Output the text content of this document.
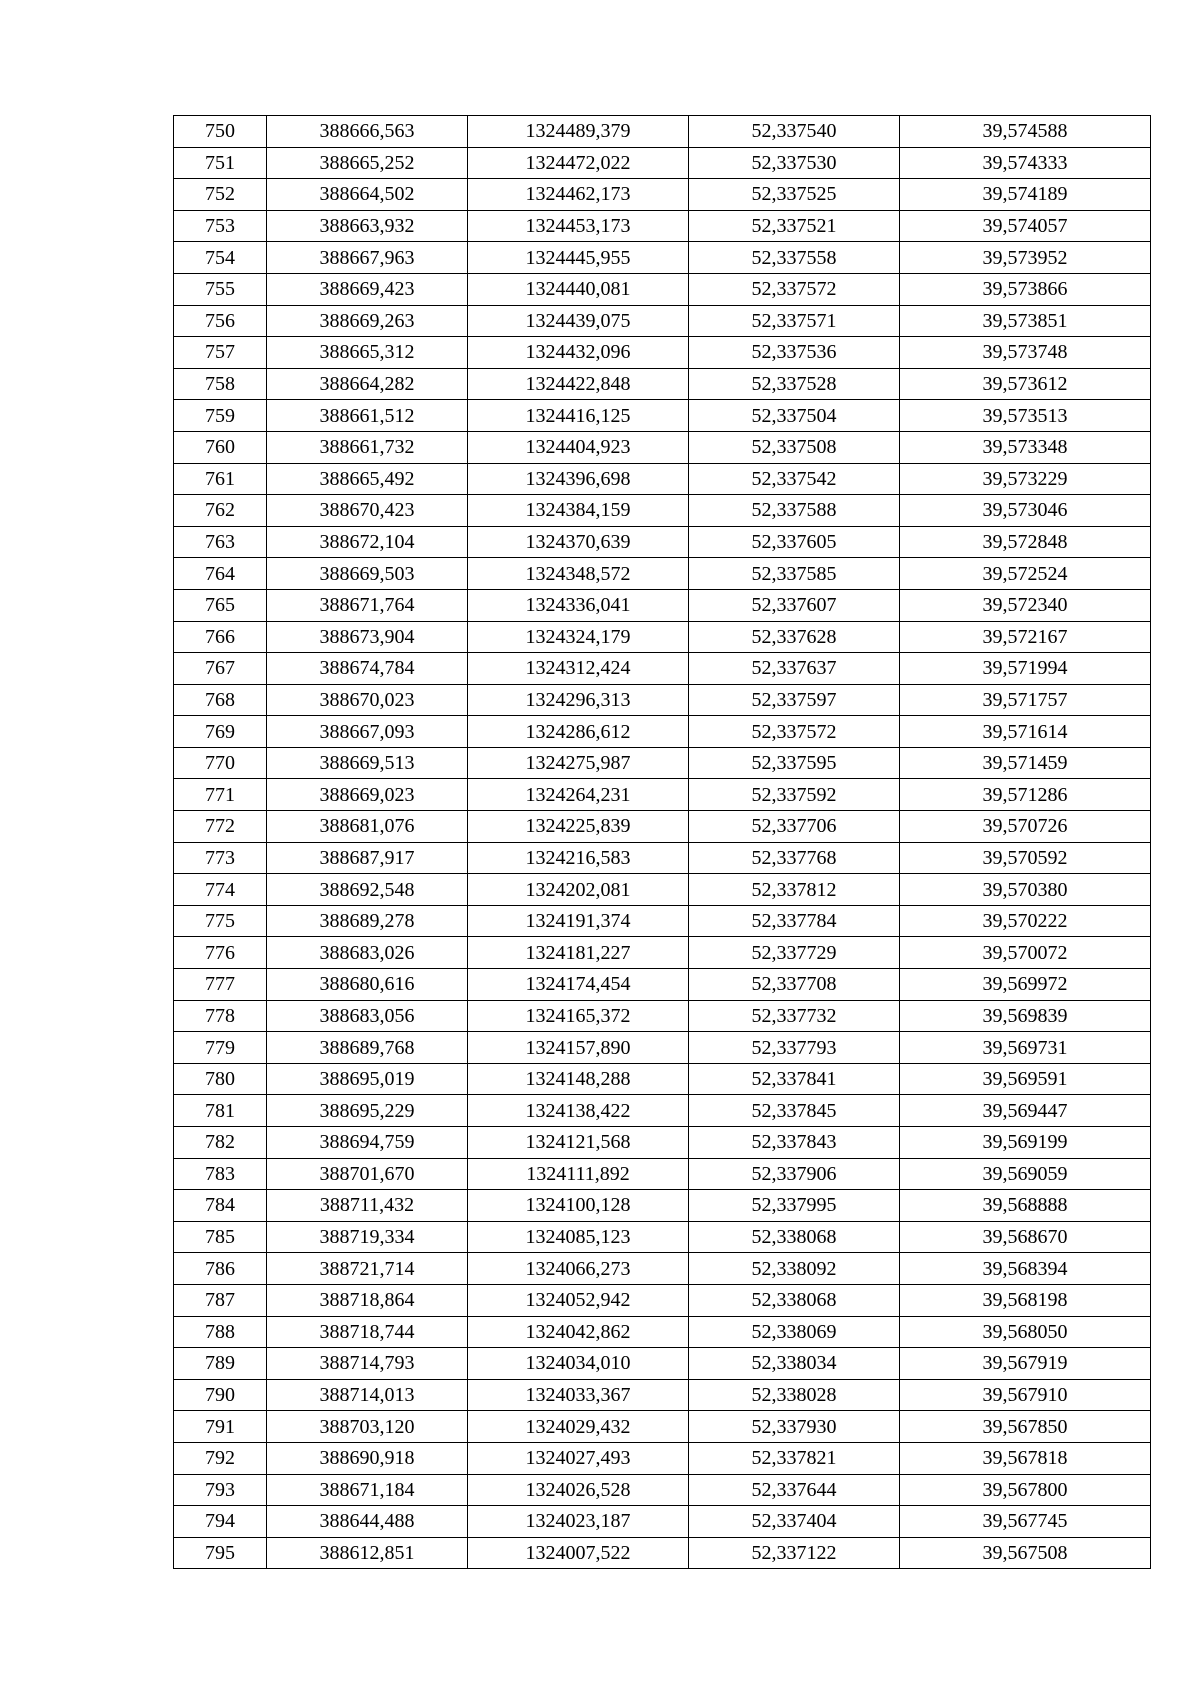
750	388666,563	1324489,379	52,337540	39,574588
751	388665,252	1324472,022	52,337530	39,574333
752	388664,502	1324462,173	52,337525	39,574189
753	388663,932	1324453,173	52,337521	39,574057
754	388667,963	1324445,955	52,337558	39,573952
755	388669,423	1324440,081	52,337572	39,573866
756	388669,263	1324439,075	52,337571	39,573851
757	388665,312	1324432,096	52,337536	39,573748
758	388664,282	1324422,848	52,337528	39,573612
759	388661,512	1324416,125	52,337504	39,573513
760	388661,732	1324404,923	52,337508	39,573348
761	388665,492	1324396,698	52,337542	39,573229
762	388670,423	1324384,159	52,337588	39,573046
763	388672,104	1324370,639	52,337605	39,572848
764	388669,503	1324348,572	52,337585	39,572524
765	388671,764	1324336,041	52,337607	39,572340
766	388673,904	1324324,179	52,337628	39,572167
767	388674,784	1324312,424	52,337637	39,571994
768	388670,023	1324296,313	52,337597	39,571757
769	388667,093	1324286,612	52,337572	39,571614
770	388669,513	1324275,987	52,337595	39,571459
771	388669,023	1324264,231	52,337592	39,571286
772	388681,076	1324225,839	52,337706	39,570726
773	388687,917	1324216,583	52,337768	39,570592
774	388692,548	1324202,081	52,337812	39,570380
775	388689,278	1324191,374	52,337784	39,570222
776	388683,026	1324181,227	52,337729	39,570072
777	388680,616	1324174,454	52,337708	39,569972
778	388683,056	1324165,372	52,337732	39,569839
779	388689,768	1324157,890	52,337793	39,569731
780	388695,019	1324148,288	52,337841	39,569591
781	388695,229	1324138,422	52,337845	39,569447
782	388694,759	1324121,568	52,337843	39,569199
783	388701,670	1324111,892	52,337906	39,569059
784	388711,432	1324100,128	52,337995	39,568888
785	388719,334	1324085,123	52,338068	39,568670
786	388721,714	1324066,273	52,338092	39,568394
787	388718,864	1324052,942	52,338068	39,568198
788	388718,744	1324042,862	52,338069	39,568050
789	388714,793	1324034,010	52,338034	39,567919
790	388714,013	1324033,367	52,338028	39,567910
791	388703,120	1324029,432	52,337930	39,567850
792	388690,918	1324027,493	52,337821	39,567818
793	388671,184	1324026,528	52,337644	39,567800
794	388644,488	1324023,187	52,337404	39,567745
795	388612,851	1324007,522	52,337122	39,567508
